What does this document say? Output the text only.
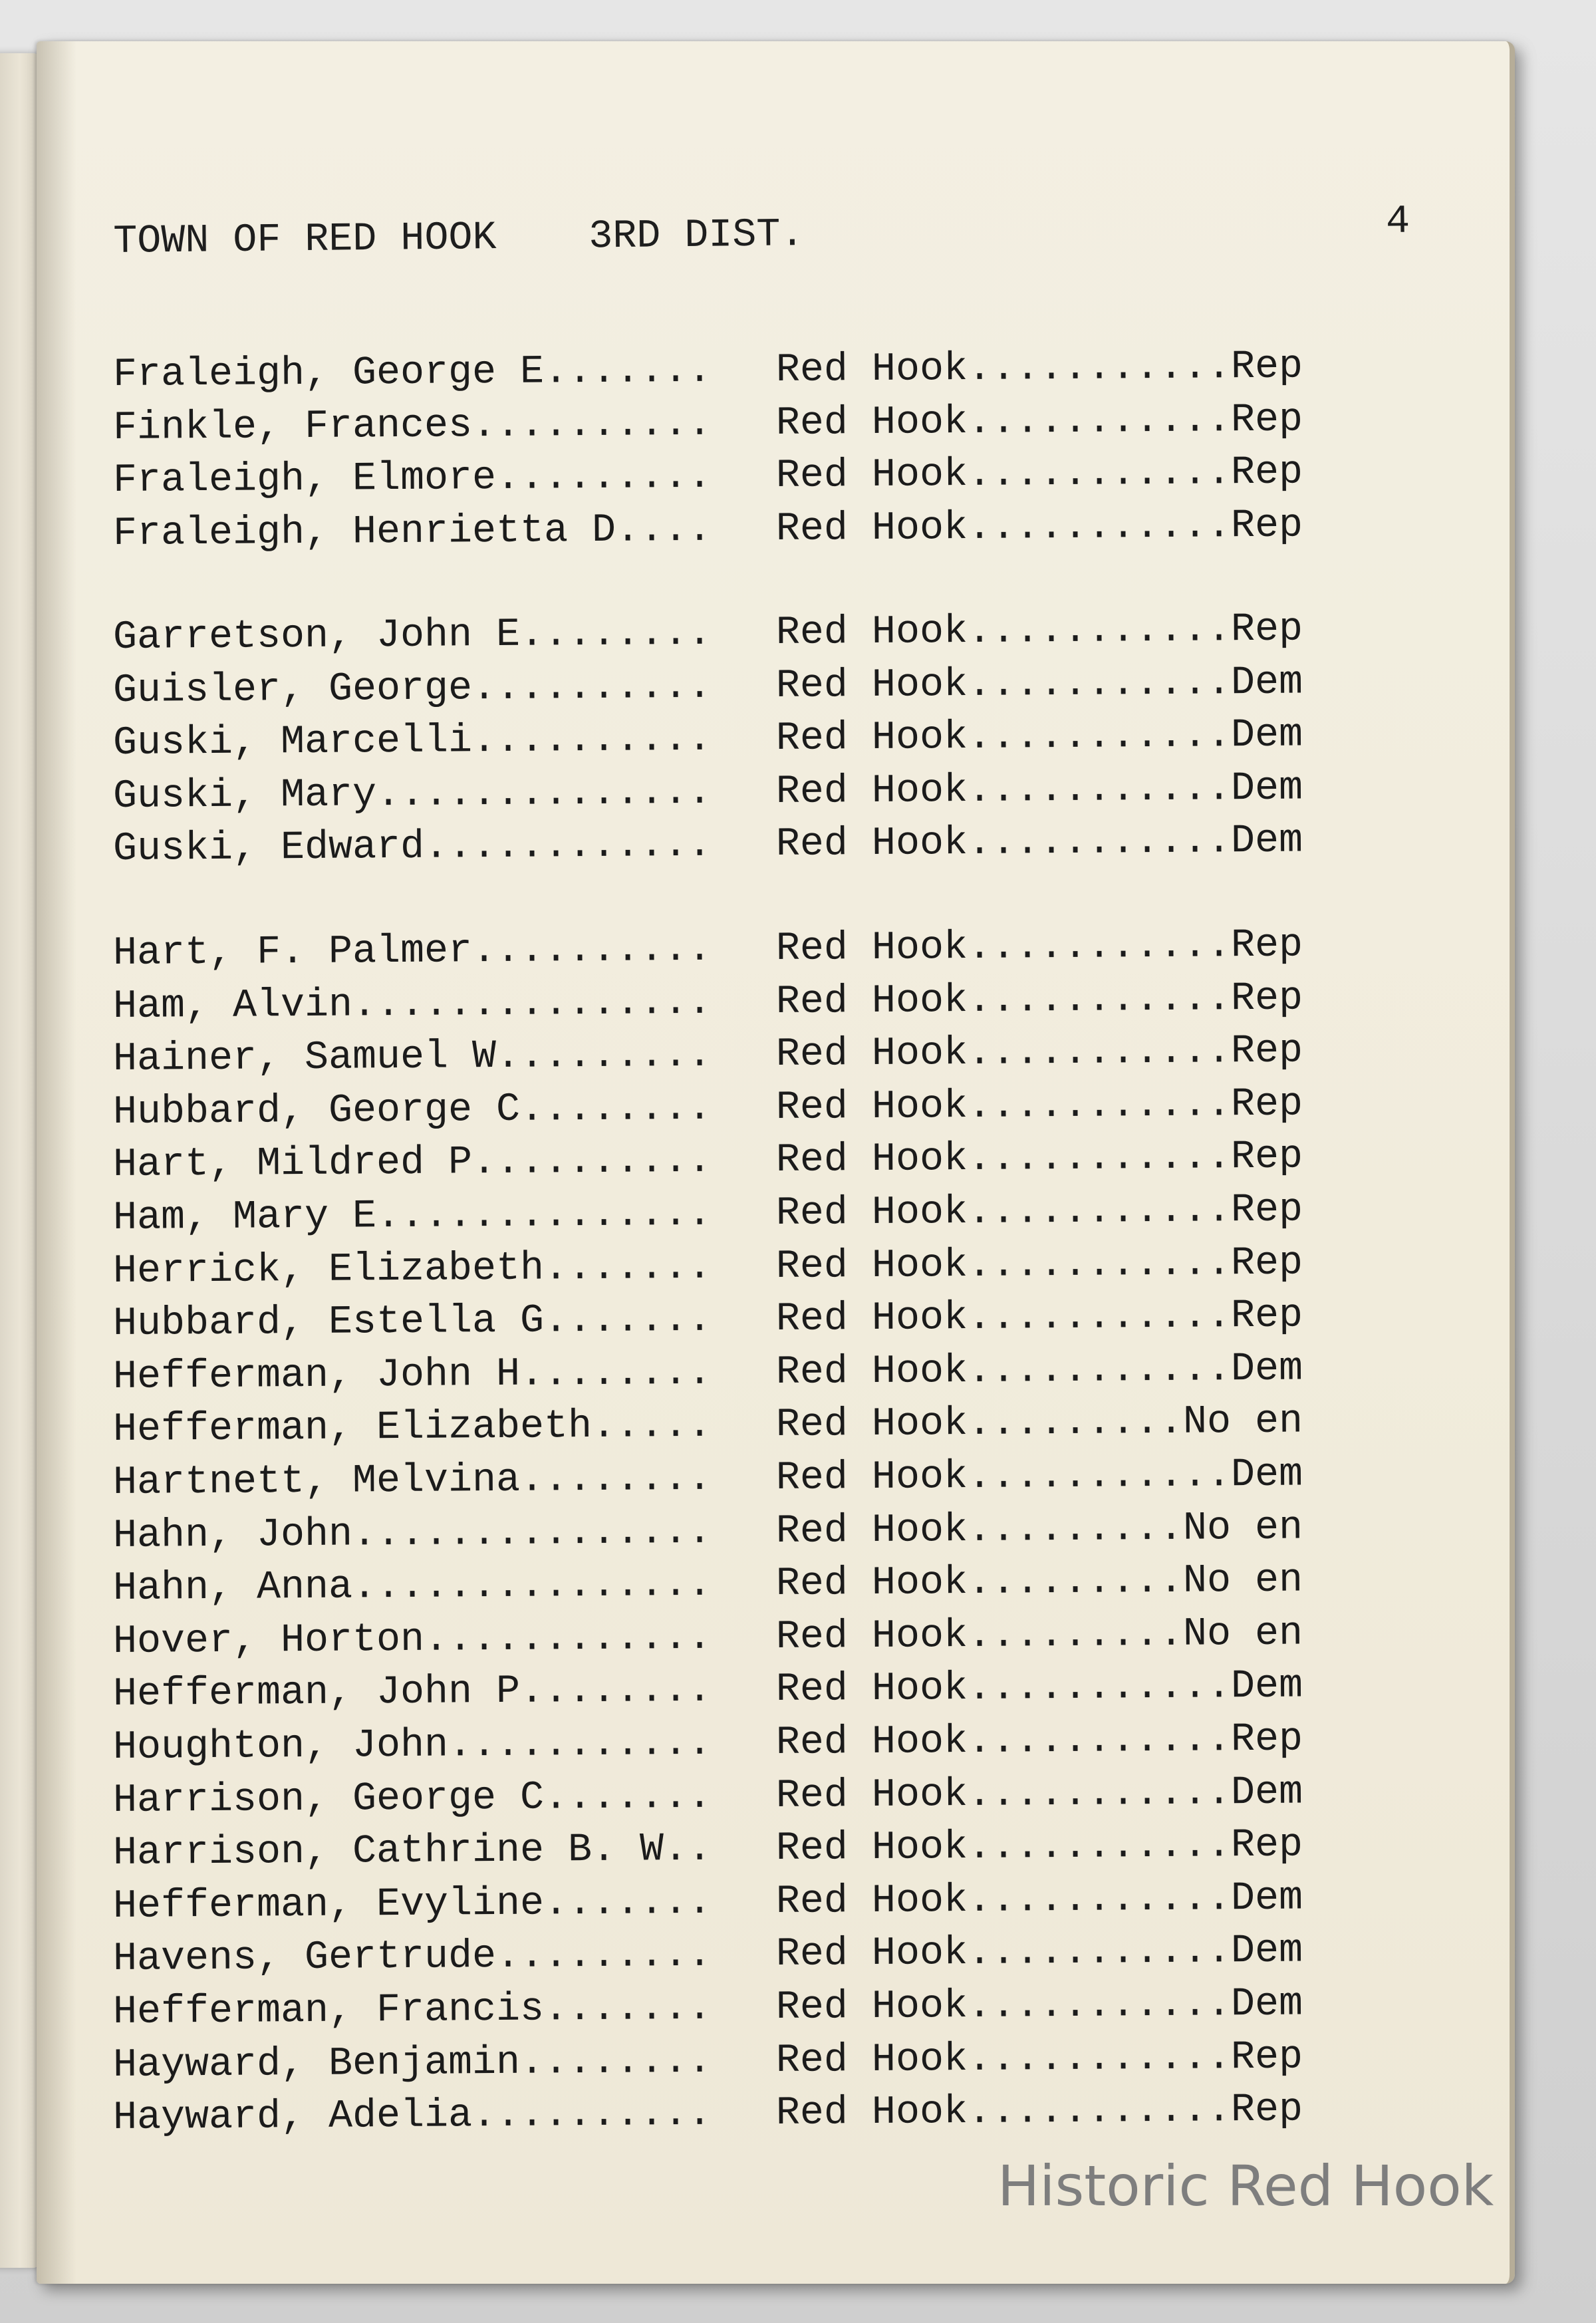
TOWN OF RED HOOK 3RD DIST.	4
Fraleigh, George E....... Red Hook...........Rep
Finkle, Frances.......... Red Hook...........Rep
Fraleigh, Elmore......... Red Hook...........Rep
Fraleigh, Henrietta D.... Red Hook...........Rep
Garretson, John E........ Red Hook...........Rep
Guisler, George.......... Red Hook...........Dem
Guski, Marcelli.......... Red Hook...........Dem
Guski, Mary.............. Red Hook...........Dem
Guski, Edward............ Red Hook...........Dem
Hart, F. Palmer.......... Red Hook...........Rep
Ham, Alvin............... Red Hook...........Rep
Hainer, Samuel W......... Red Hook...........Rep
Hubbard, George C........ Red Hook...........Rep
Hart, Mildred P.......... Red Hook...........Rep
Ham, Mary E.............. Red Hook...........Rep
Herrick, Elizabeth....... Red Hook...........Rep
Hubbard, Estella G....... Red Hook...........Rep
Hefferman, John H........ Red Hook...........Dem
Hefferman, Elizabeth..... Red Hook.........No en
Hartnett, Melvina........ Red Hook...........Dem
Hahn, John............... Red Hook.........No en
Hahn, Anna............... Red Hook.........No en
Hover, Horton............ Red Hook.........No en
Hefferman, John P........ Red Hook...........Dem
Houghton, John........... Red Hook...........Rep
Harrison, George C....... Red Hook...........Dem
Harrison, Cathrine B. W.. Red Hook...........Rep
Hefferman, Evyline....... Red Hook...........Dem
Havens, Gertrude......... Red Hook...........Dem
Hefferman, Francis....... Red Hook...........Dem
Hayward, Benjamin........ Red Hook...........Rep
Hayward, Adelia.......... Red Hook...........Rep
Historic Red Hook
